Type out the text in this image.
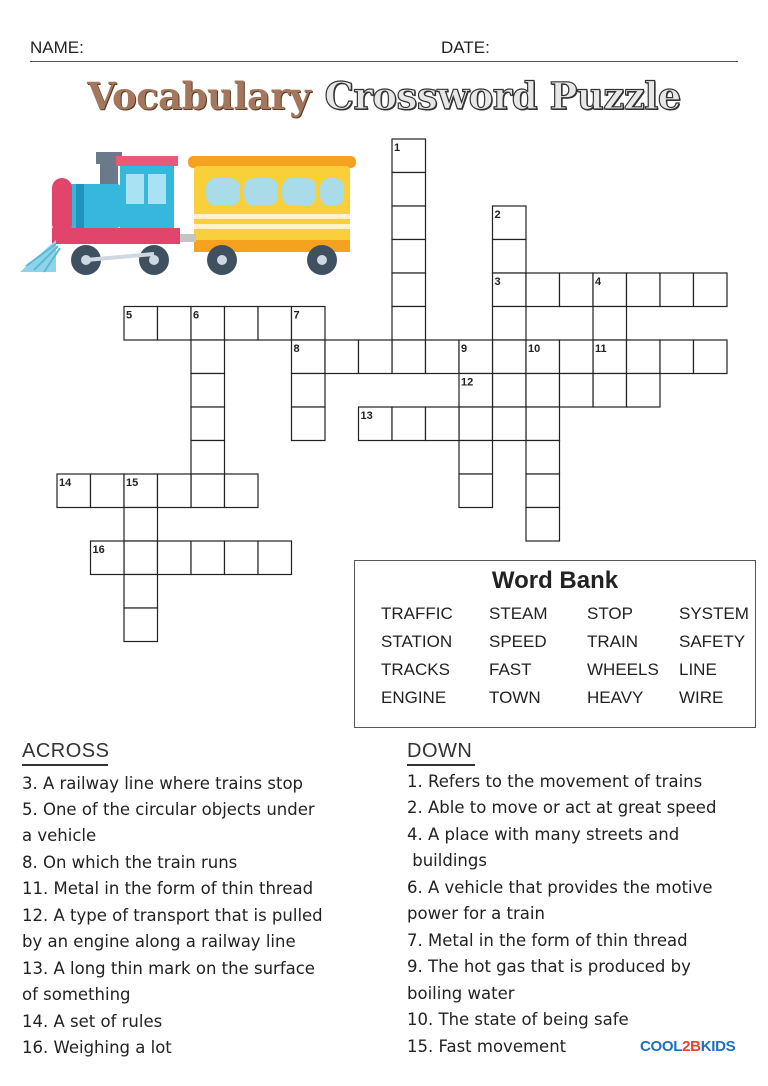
NAME:	DATE:
Vocabulary Crossword Puzzle
1
2
3	4
5	6	7
8	9	10	11
12
13
14	15
16
Word Bank
TRAFFIC STEAM STOP	SYSTEM
STATION SPEED TRAIN SAFETY
TRACKS FAST	WHEELS LINE
ENGINE	TOWN	HEAVY WIRE
ACROSS	DOWN
3. A railway line where trains stop
5. One of the circular objects under
a vehicle
8. On which the train runs
11. Metal in the form of thin thread
12. A type of transport that is pulled
by an engine along a railway line
13. A long thin mark on the surface
of something
14. A set of rules
16. Weighing a lot
1. Refers to the movement of trains
2. Able to move or act at great speed
4. A place with many streets and
buildings
6. A vehicle that provides the motive
power for a train
7. Metal in the form of thin thread
9. The hot gas that is produced by
boiling water
10. The state of being safe
15. Fast movement	COOL2BKIDS
